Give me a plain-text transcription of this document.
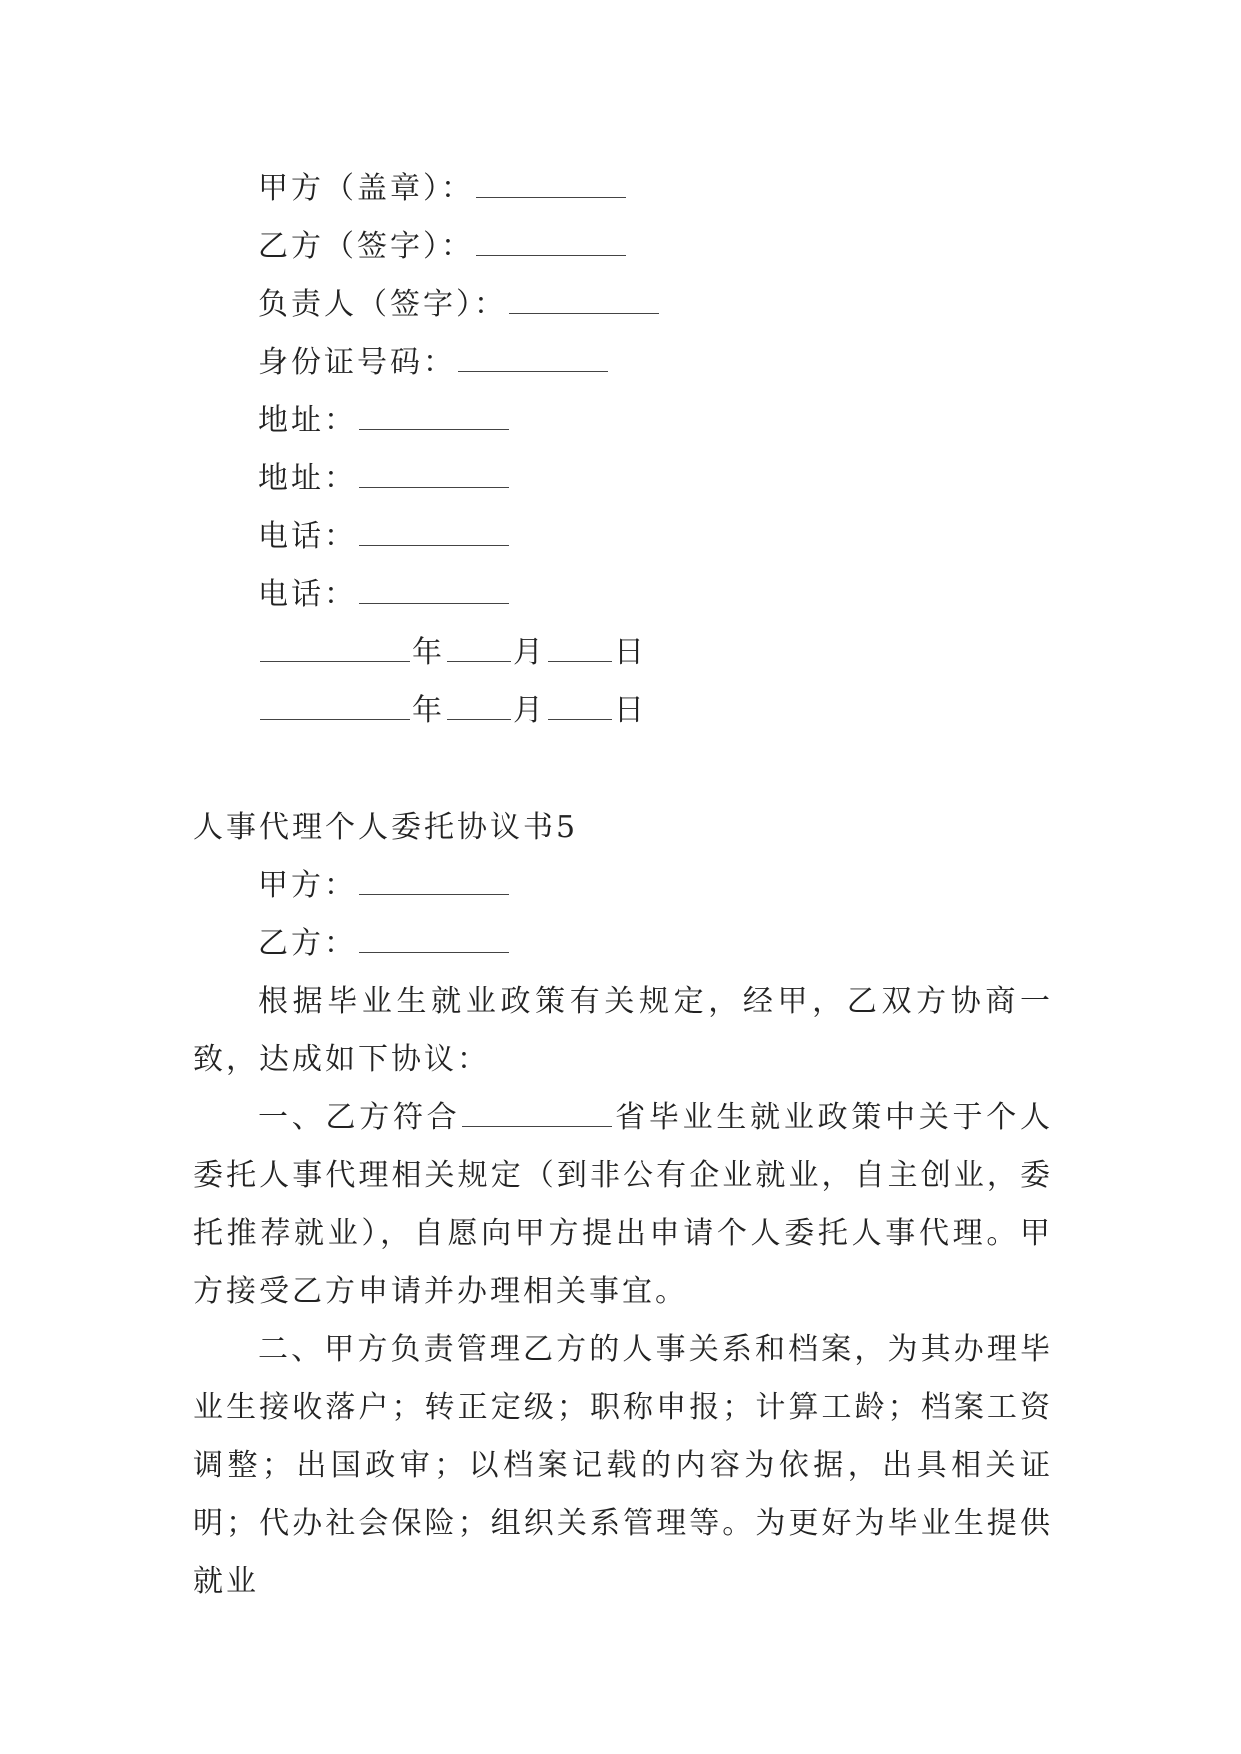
甲方（盖章）：
乙方（签字）：
负责人（签字）：
身份证号码：
地址：
地址：
电话：
电话：
年 月 日
年 月 日
人事代理个人委托协议书5
甲方：
乙方：
根据毕业生就业政策有关规定，经甲，乙双方协商一致，达成如下协议：
一、乙方符合	省毕业生就业政策中关于个人委托人事代理相关规定（到非公有企业就业，自主创业，委托推荐就业），自愿向甲方提出申请个人委托人事代理。甲方接受乙方申请并办理相关事宜。
二、甲方负责管理乙方的人事关系和档案，为其办理毕业生接收落户；转正定级；职称申报；计算工龄；档案工资调整；出国政审；以档案记载的内容为依据，出具相关证明；代办社会保险；组织关系管理等。为更好为毕业生提供就业
